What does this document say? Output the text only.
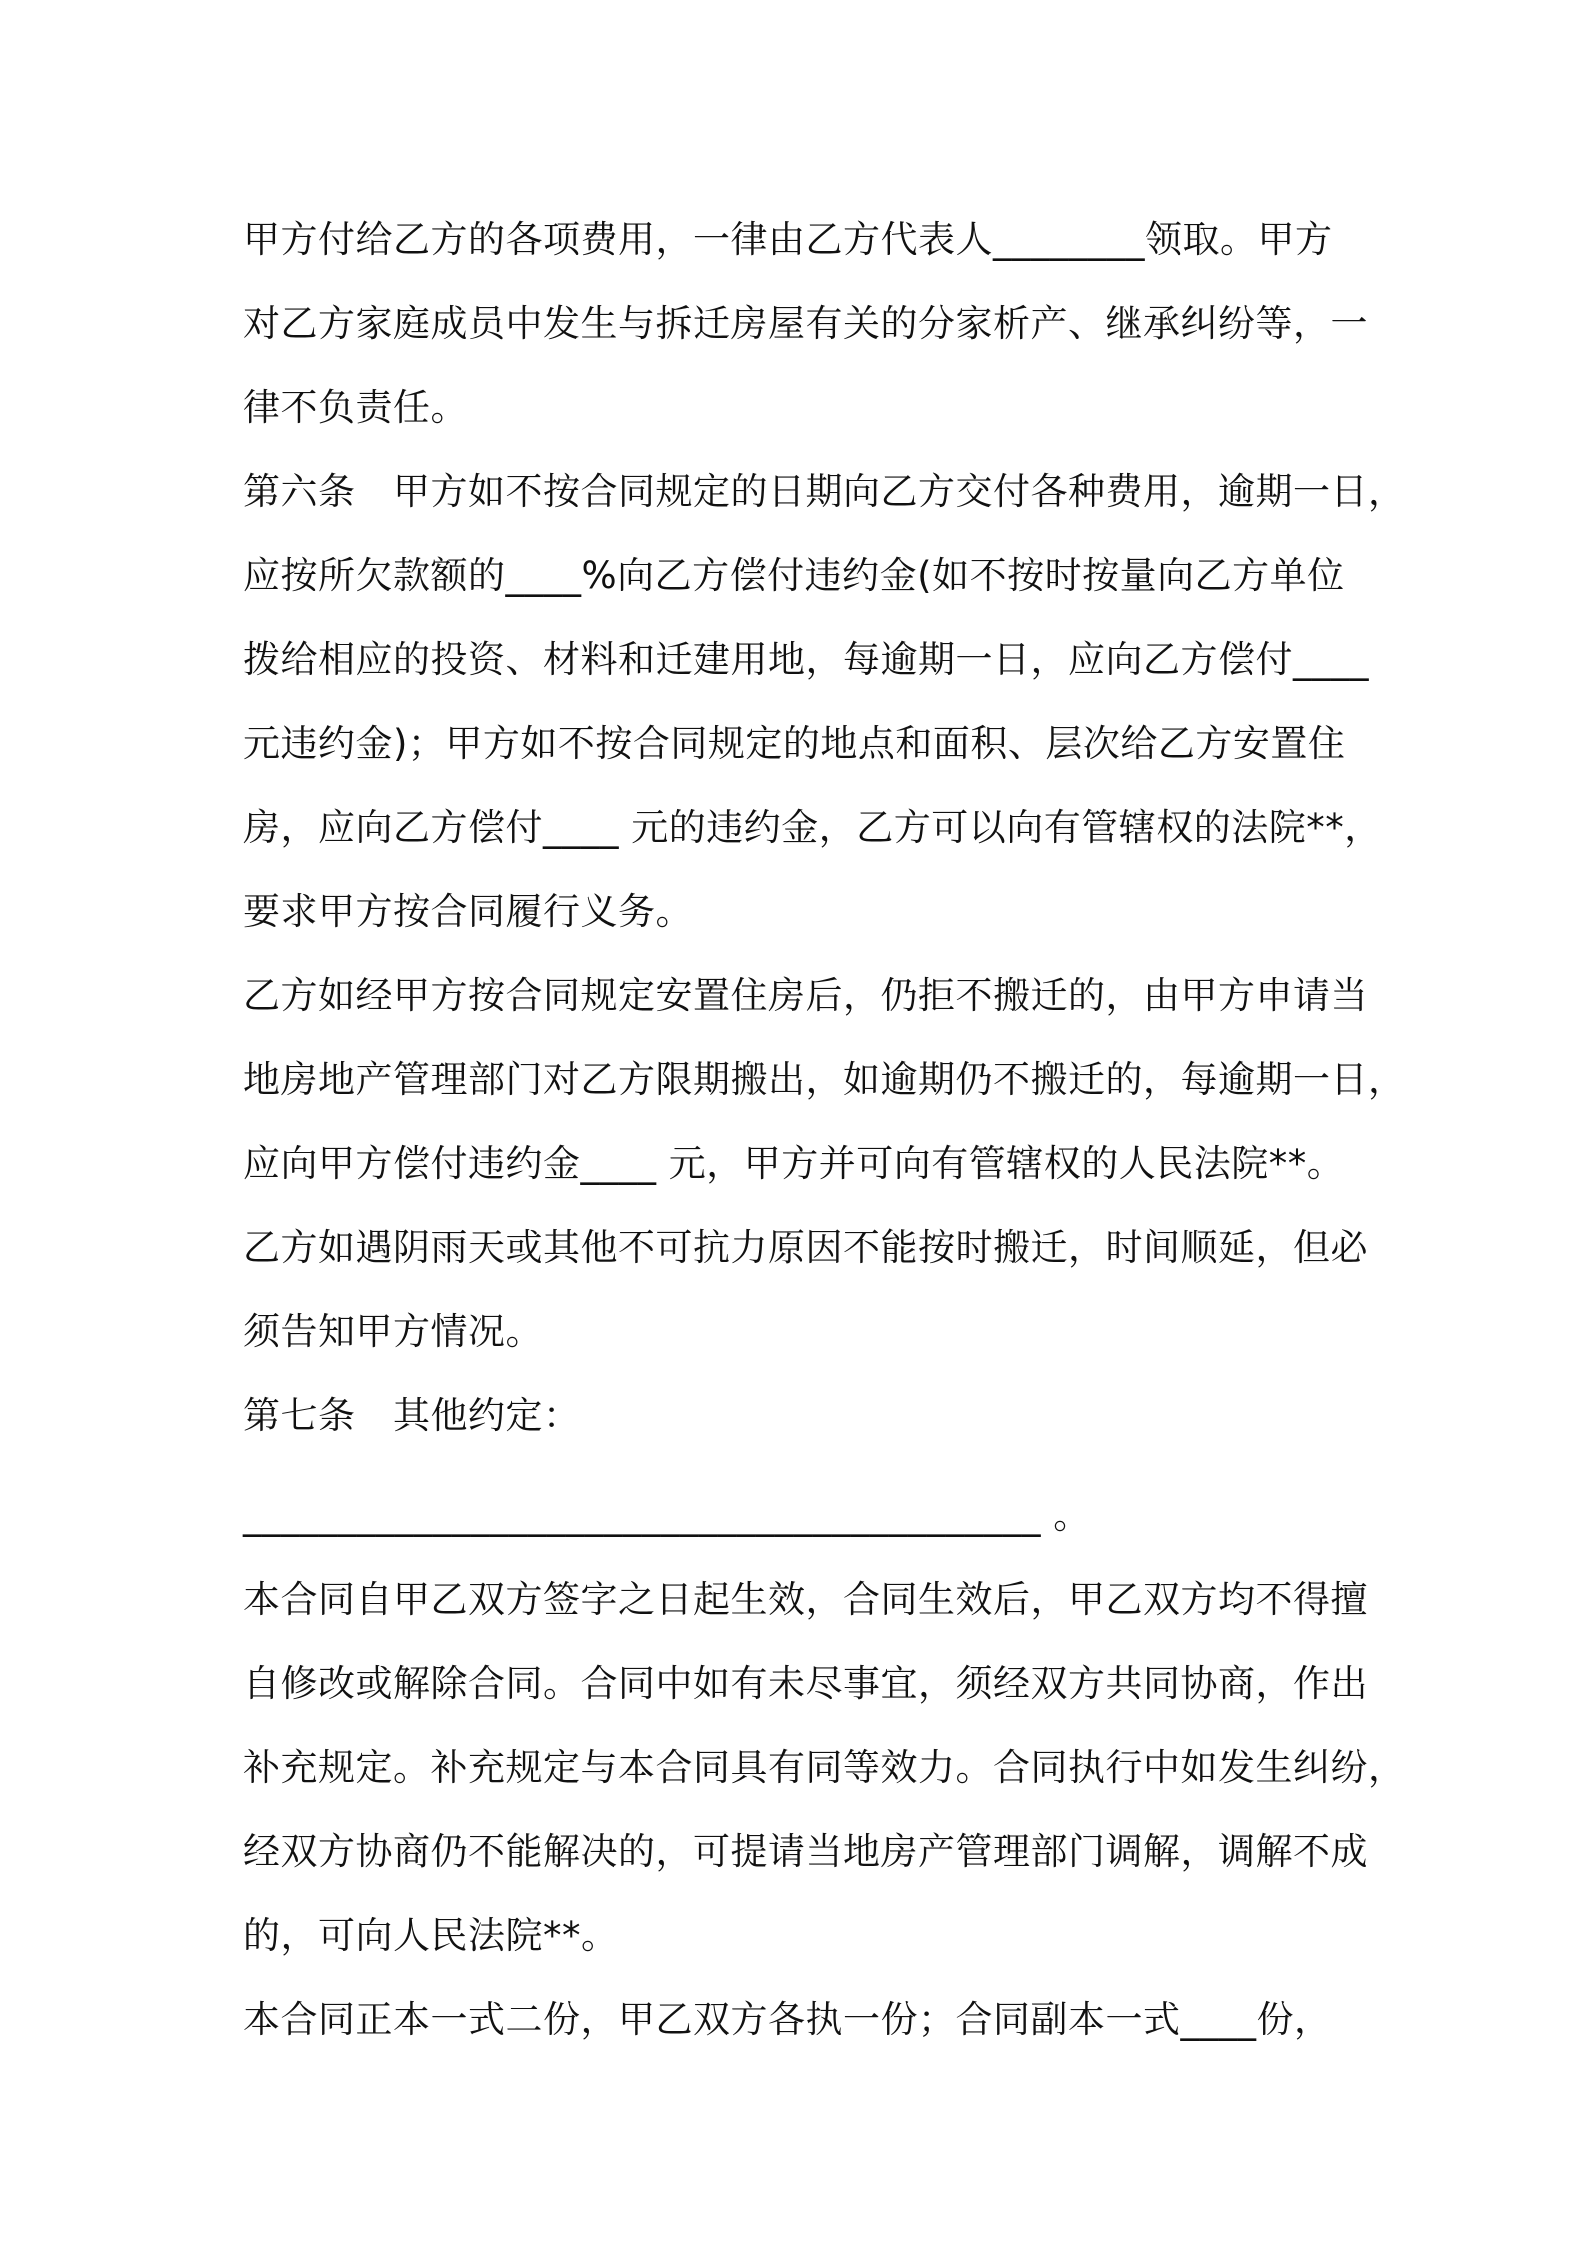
甲方付给乙方的各项费用，一律由乙方代表人________领取。甲方
对乙方家庭成员中发生与拆迁房屋有关的分家析产、继承纠纷等，一
律不负责任。
第六条　甲方如不按合同规定的日期向乙方交付各种费用，逾期一日，
应按所欠款额的____%向乙方偿付违约金(如不按时按量向乙方单位
拨给相应的投资、材料和迁建用地，每逾期一日，应向乙方偿付____
元违约金)；甲方如不按合同规定的地点和面积、层次给乙方安置住
房，应向乙方偿付____ 元的违约金，乙方可以向有管辖权的法院**，
要求甲方按合同履行义务。
乙方如经甲方按合同规定安置住房后，仍拒不搬迁的，由甲方申请当
地房地产管理部门对乙方限期搬出，如逾期仍不搬迁的，每逾期一日，
应向甲方偿付违约金____ 元，甲方并可向有管辖权的人民法院**。
乙方如遇阴雨天或其他不可抗力原因不能按时搬迁，时间顺延，但必
须告知甲方情况。
第七条　其他约定：
__________________________________________ 。
本合同自甲乙双方签字之日起生效，合同生效后，甲乙双方均不得擅
自修改或解除合同。合同中如有未尽事宜，须经双方共同协商，作出
补充规定。补充规定与本合同具有同等效力。合同执行中如发生纠纷，
经双方协商仍不能解决的，可提请当地房产管理部门调解，调解不成
的，可向人民法院**。
本合同正本一式二份，甲乙双方各执一份；合同副本一式____份，
